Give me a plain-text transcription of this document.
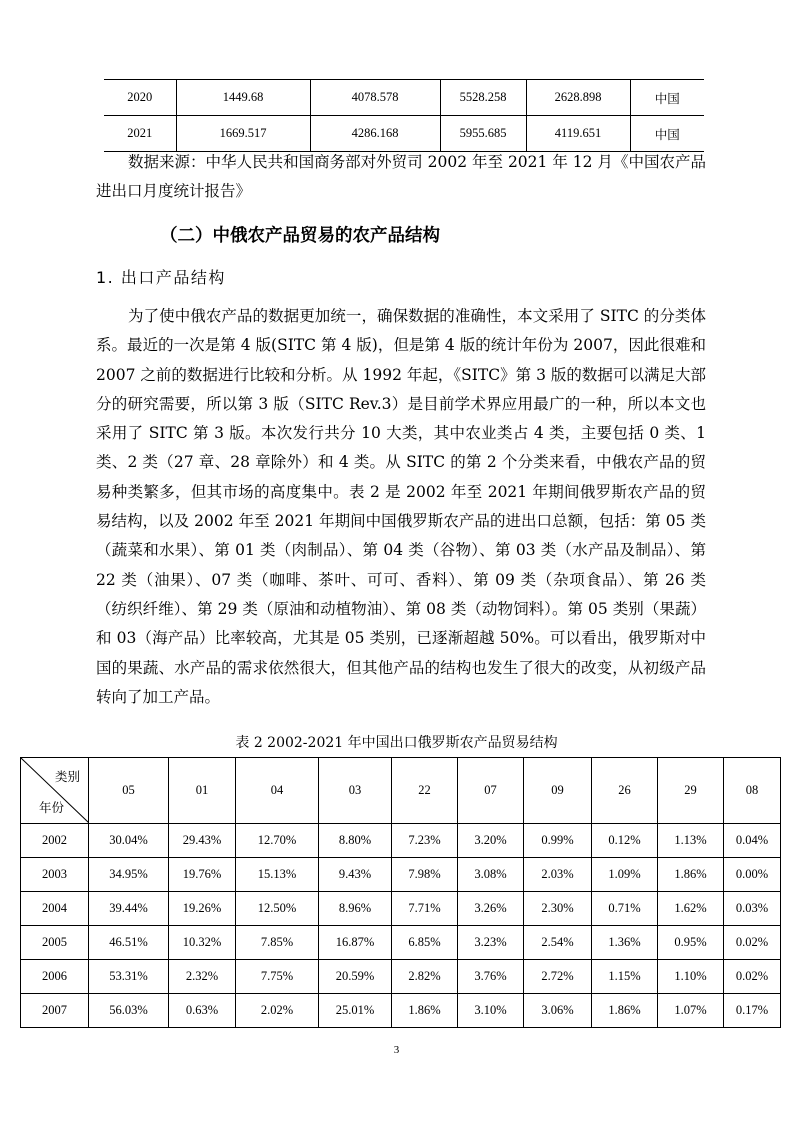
2020	1449.68	4078.578	5528.258	2628.898	中国
2021	1669.517	4286.168	5955.685	4119.651	中国
数据来源：中华人民共和国商务部对外贸司 2002 年至 2021 年 12 月《中国农产品进出口月度统计报告》
（二）中俄农产品贸易的农产品结构
1. 出口产品结构
为了使中俄农产品的数据更加统一，确保数据的准确性，本文采用了 SITC 的分类体系。最近的一次是第 4 版(SITC 第 4 版)，但是第 4 版的统计年份为 2007，因此很难和 2007 之前的数据进行比较和分析。从 1992 年起，《SITC》第 3 版的数据可以满足大部分的研究需要，所以第 3 版（SITC Rev.3）是目前学术界应用最广的一种，所以本文也采用了 SITC 第 3 版。本次发行共分 10 大类，其中农业类占 4 类，主要包括 0 类、1 类、2 类（27 章、28 章除外）和 4 类。从 SITC 的第 2 个分类来看，中俄农产品的贸易种类繁多，但其市场的高度集中。表 2 是 2002 年至 2021 年期间俄罗斯农产品的贸易结构，以及 2002 年至 2021 年期间中国俄罗斯农产品的进出口总额，包括：第 05 类（蔬菜和水果）、第 01 类（肉制品）、第 04 类（谷物）、第 03 类（水产品及制品）、第 22 类（油果）、07 类（咖啡、茶叶、可可、香料）、第 09 类（杂项食品）、第 26 类（纺织纤维）、第 29 类（原油和动植物油）、第 08 类（动物饲料）。第 05 类别（果蔬）和 03（海产品）比率较高，尤其是 05 类别，已逐渐超越 50%。可以看出，俄罗斯对中国的果蔬、水产品的需求依然很大，但其他产品的结构也发生了很大的改变，从初级产品转向了加工产品。
表 2 2002-2021 年中国出口俄罗斯农产品贸易结构
类别
年份	05	01	04	03	22	07	09	26	29	08
2002	30.04%	29.43%	12.70%	8.80%	7.23%	3.20%	0.99%	0.12%	1.13%	0.04%
2003	34.95%	19.76%	15.13%	9.43%	7.98%	3.08%	2.03%	1.09%	1.86%	0.00%
2004	39.44%	19.26%	12.50%	8.96%	7.71%	3.26%	2.30%	0.71%	1.62%	0.03%
2005	46.51%	10.32%	7.85%	16.87%	6.85%	3.23%	2.54%	1.36%	0.95%	0.02%
2006	53.31%	2.32%	7.75%	20.59%	2.82%	3.76%	2.72%	1.15%	1.10%	0.02%
2007	56.03%	0.63%	2.02%	25.01%	1.86%	3.10%	3.06%	1.86%	1.07%	0.17%
3
